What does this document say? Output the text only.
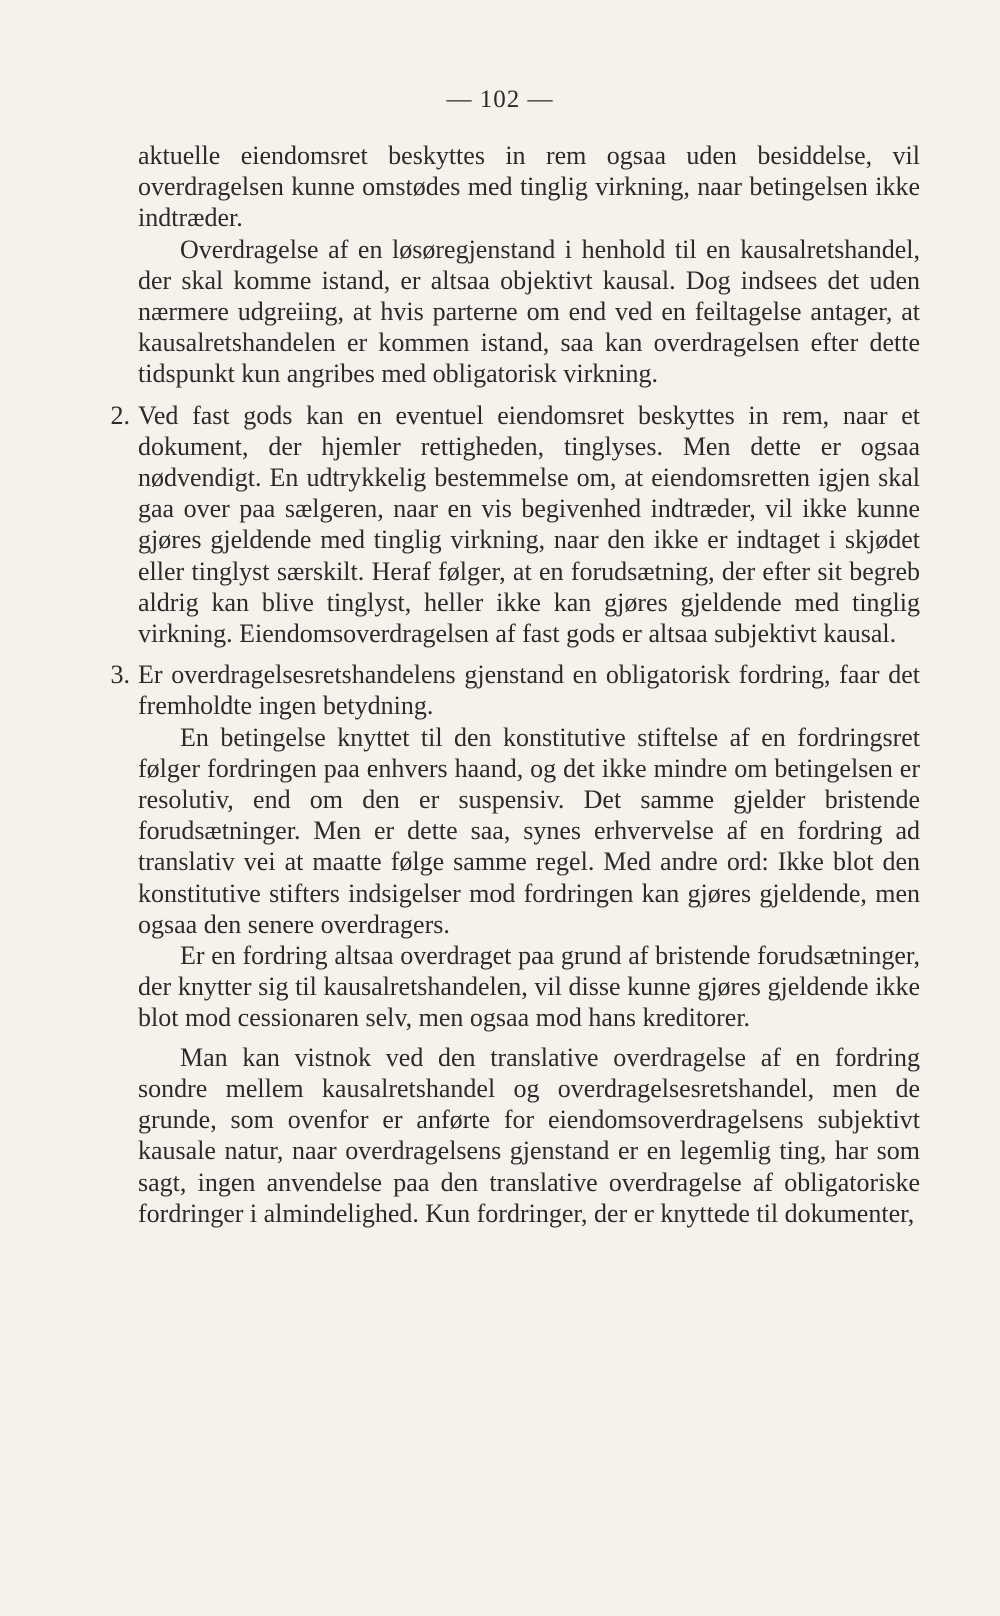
— 102 —

aktuelle eiendomsret beskyttes in rem ogsaa uden besiddelse, vil overdragelsen kunne omstødes med tinglig virkning, naar betingelsen ikke indtræder.

Overdragelse af en løsøregjenstand i henhold til en kausalretshandel, der skal komme istand, er altsaa objektivt kausal. Dog indsees det uden nærmere udgreiing, at hvis parterne om end ved en feiltagelse antager, at kausalretshandelen er kommen istand, saa kan overdragelsen efter dette tidspunkt kun angribes med obligatorisk virkning.

2. Ved fast gods kan en eventuel eiendomsret beskyttes in rem, naar et dokument, der hjemler rettigheden, tinglyses. Men dette er ogsaa nødvendigt. En udtrykkelig bestemmelse om, at eiendomsretten igjen skal gaa over paa sælgeren, naar en vis begivenhed indtræder, vil ikke kunne gjøres gjeldende med tinglig virkning, naar den ikke er indtaget i skjødet eller tinglyst særskilt. Heraf følger, at en forudsætning, der efter sit begreb aldrig kan blive tinglyst, heller ikke kan gjøres gjeldende med tinglig virkning. Eiendomsoverdragelsen af fast gods er altsaa subjektivt kausal.

3. Er overdragelsesretshandelens gjenstand en obligatorisk fordring, faar det fremholdte ingen betydning.

En betingelse knyttet til den konstitutive stiftelse af en fordringsret følger fordringen paa enhvers haand, og det ikke mindre om betingelsen er resolutiv, end om den er suspensiv. Det samme gjelder bristende forudsætninger. Men er dette saa, synes erhvervelse af en fordring ad translativ vei at maatte følge samme regel. Med andre ord: Ikke blot den konstitutive stifters indsigelser mod fordringen kan gjøres gjeldende, men ogsaa den senere overdragers.

Er en fordring altsaa overdraget paa grund af bristende forudsætninger, der knytter sig til kausalretshandelen, vil disse kunne gjøres gjeldende ikke blot mod cessionaren selv, men ogsaa mod hans kreditorer.

Man kan vistnok ved den translative overdragelse af en fordring sondre mellem kausalretshandel og overdragelsesretshandel, men de grunde, som ovenfor er anførte for eiendomsoverdragelsens subjektivt kausale natur, naar overdragelsens gjenstand er en legemlig ting, har som sagt, ingen anvendelse paa den translative overdragelse af obligatoriske fordringer i almindelighed. Kun fordringer, der er knyttede til dokumenter,
